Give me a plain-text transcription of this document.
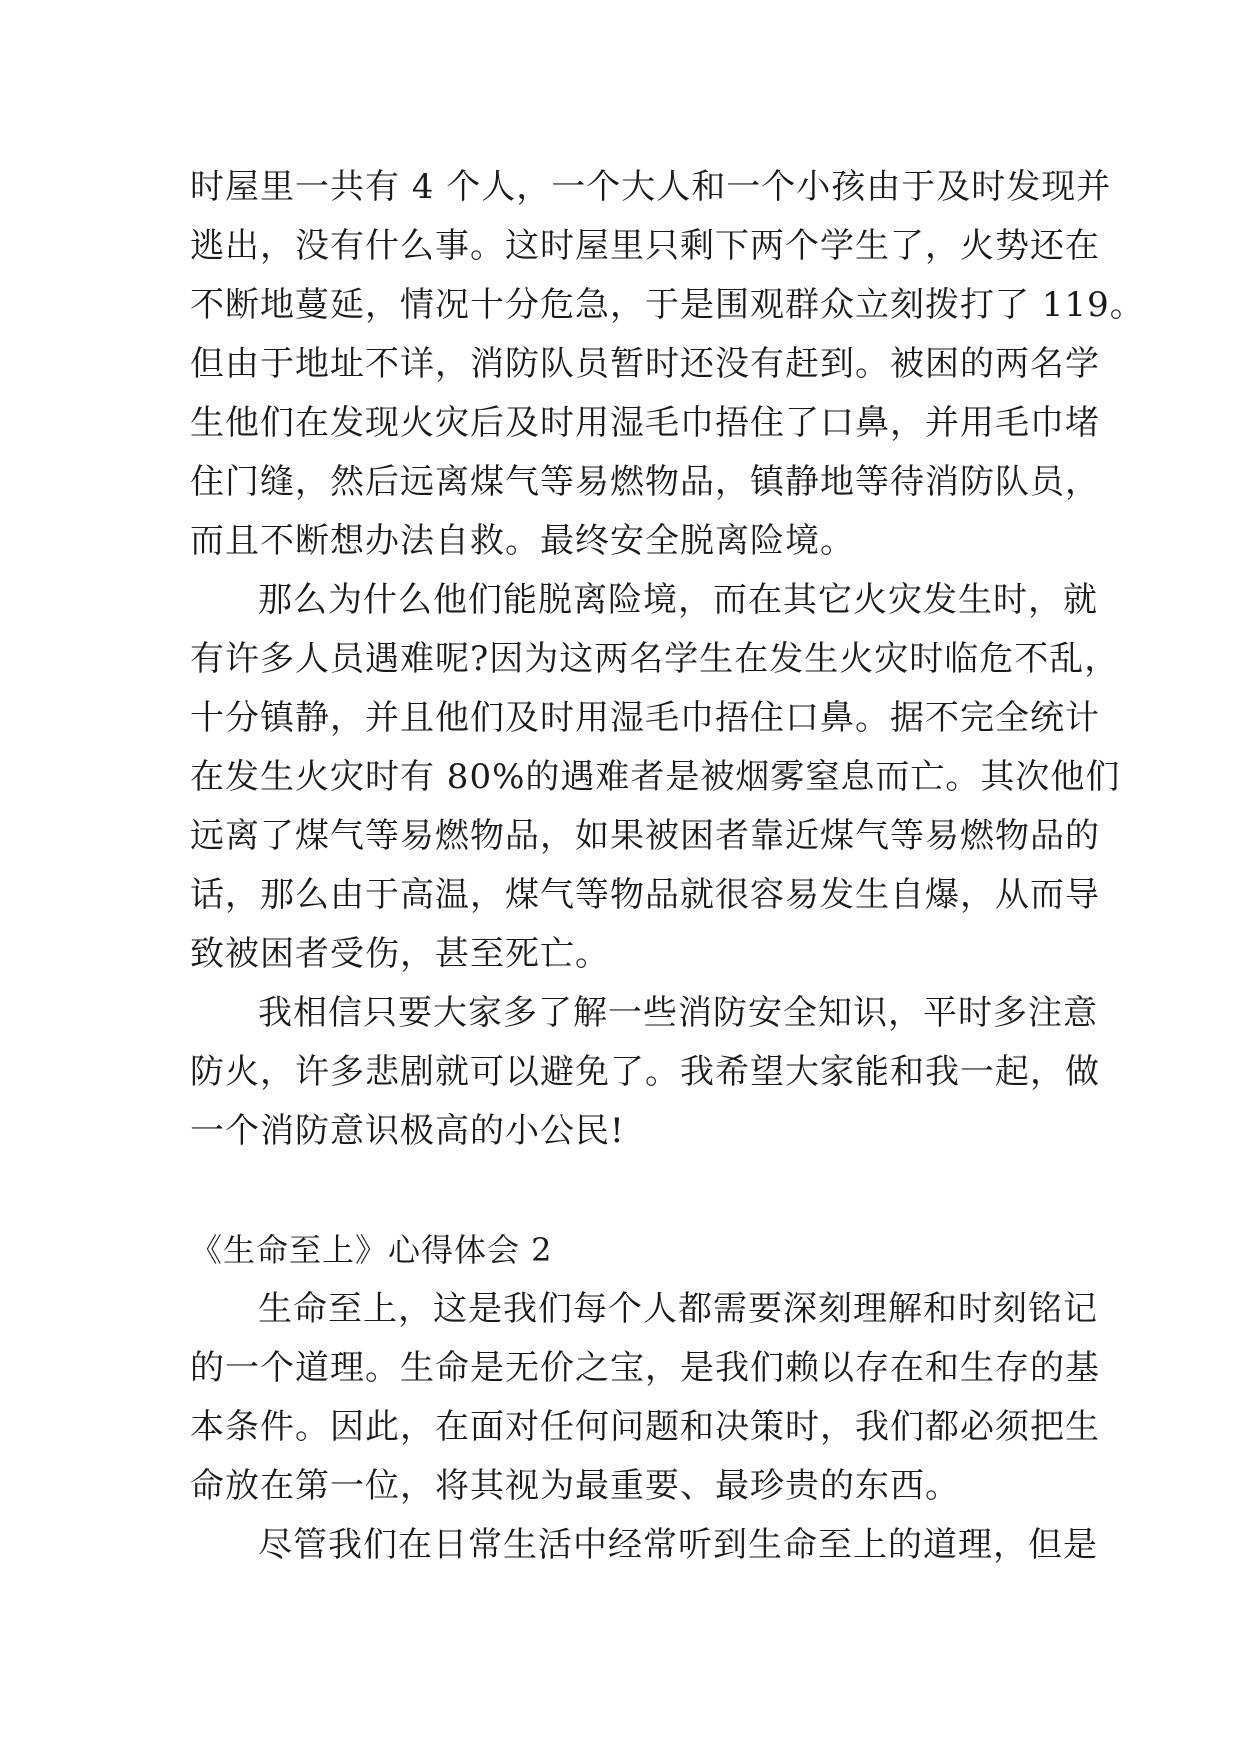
时屋里一共有 4 个人，一个大人和一个小孩由于及时发现并
逃出，没有什么事。这时屋里只剩下两个学生了，火势还在
不断地蔓延，情况十分危急，于是围观群众立刻拨打了 119。
但由于地址不详，消防队员暂时还没有赶到。被困的两名学
生他们在发现火灾后及时用湿毛巾捂住了口鼻，并用毛巾堵
住门缝，然后远离煤气等易燃物品，镇静地等待消防队员，
而且不断想办法自救。最终安全脱离险境。
那么为什么他们能脱离险境，而在其它火灾发生时，就
有许多人员遇难呢?因为这两名学生在发生火灾时临危不乱，
十分镇静，并且他们及时用湿毛巾捂住口鼻。据不完全统计
在发生火灾时有 80%的遇难者是被烟雾窒息而亡。其次他们
远离了煤气等易燃物品，如果被困者靠近煤气等易燃物品的
话，那么由于高温，煤气等物品就很容易发生自爆，从而导
致被困者受伤，甚至死亡。
我相信只要大家多了解一些消防安全知识，平时多注意
防火，许多悲剧就可以避免了。我希望大家能和我一起，做
一个消防意识极高的小公民!
《生命至上》心得体会 2
生命至上，这是我们每个人都需要深刻理解和时刻铭记
的一个道理。生命是无价之宝，是我们赖以存在和生存的基
本条件。因此，在面对任何问题和决策时，我们都必须把生
命放在第一位，将其视为最重要、最珍贵的东西。
尽管我们在日常生活中经常听到生命至上的道理，但是
